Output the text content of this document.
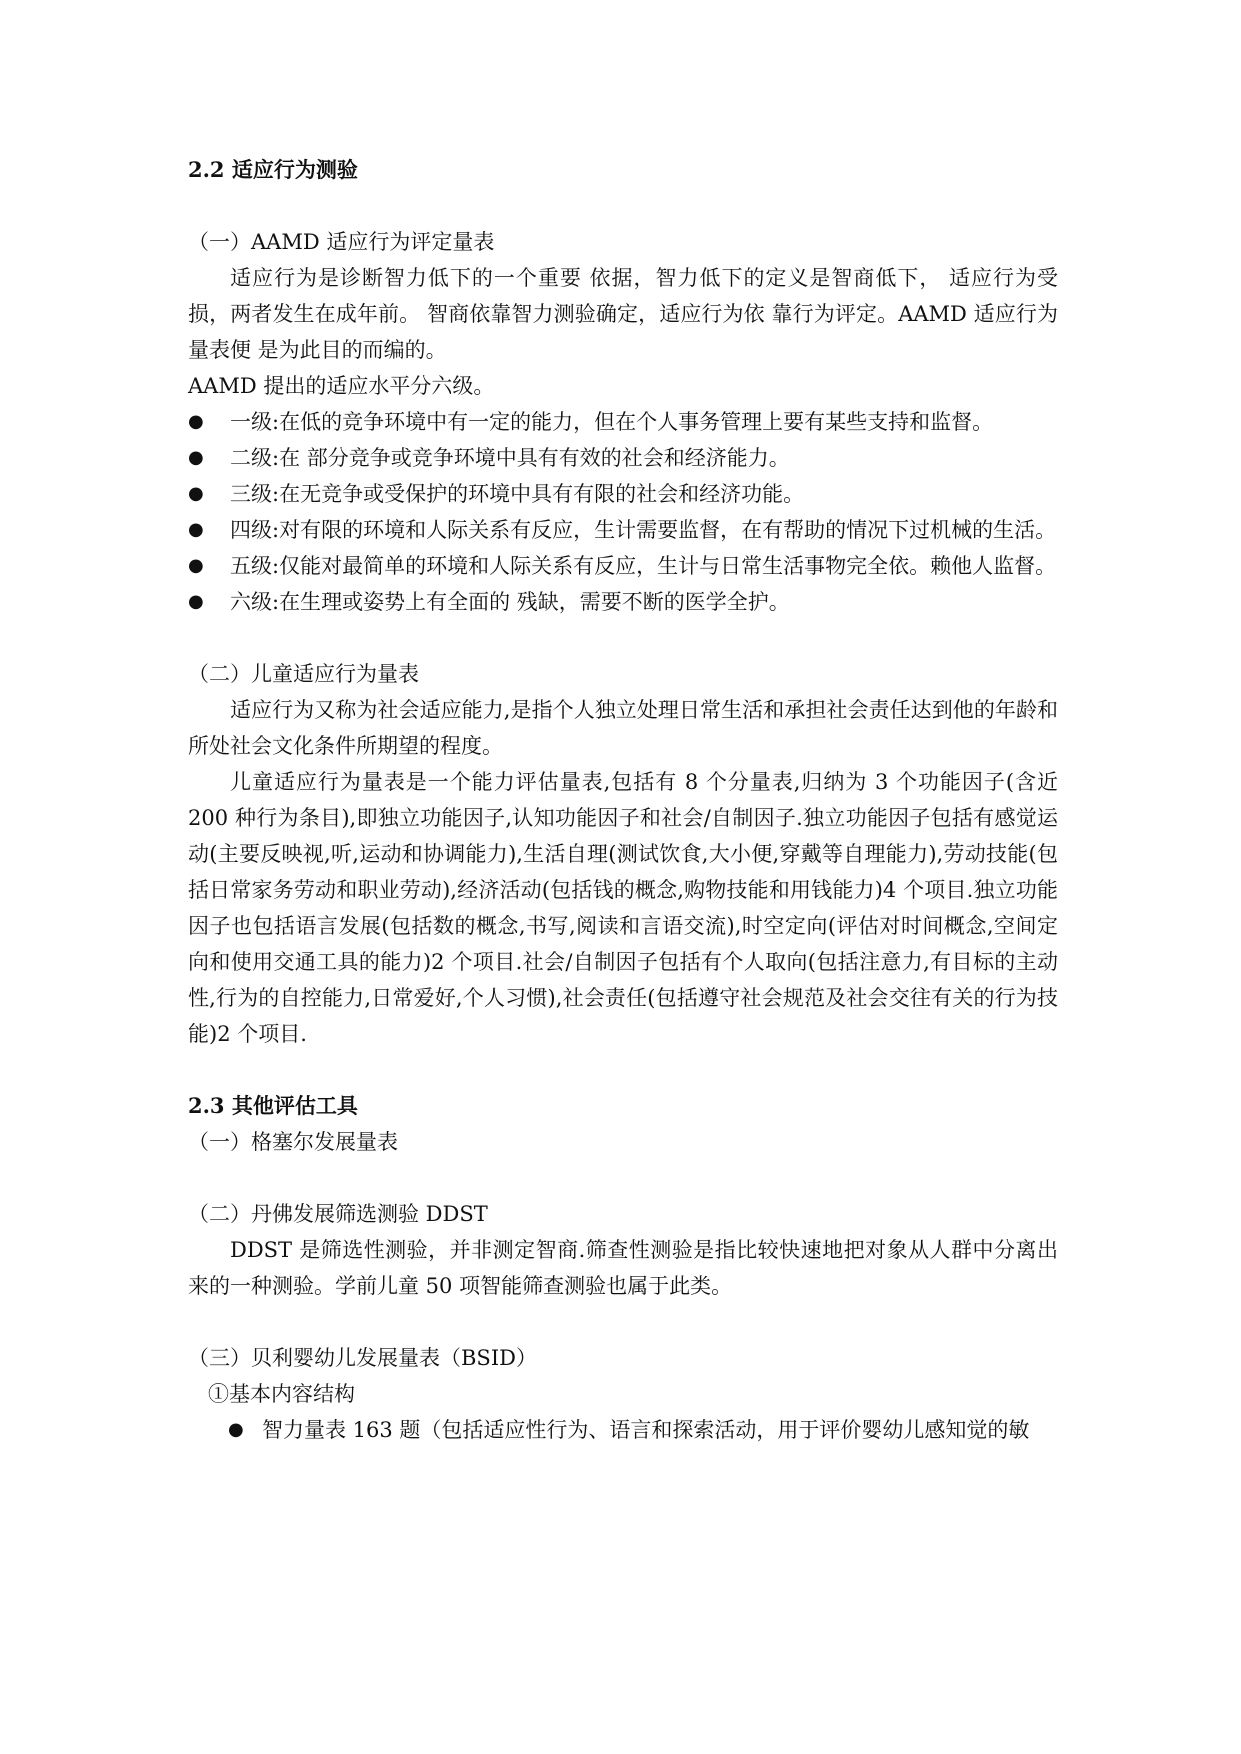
2.2 适应行为测验

（一）AAMD 适应行为评定量表

适应行为是诊断智力低下的一个重要 依据，智力低下的定义是智商低下， 适应行为受损，两者发生在成年前。 智商依靠智力测验确定，适应行为依 靠行为评定。AAMD 适应行为量表便 是为此目的而编的。

AAMD 提出的适应水平分六级。

● 一级:在低的竞争环境中有一定的能力，但在个人事务管理上要有某些支持和监督。
● 二级:在 部分竞争或竞争环境中具有有效的社会和经济能力。
● 三级:在无竞争或受保护的环境中具有有限的社会和经济功能。
● 四级:对有限的环境和人际关系有反应，生计需要监督，在有帮助的情况下过机械的生活。
● 五级:仅能对最简单的环境和人际关系有反应，生计与日常生活事物完全依。赖他人监督。
● 六级:在生理或姿势上有全面的 残缺，需要不断的医学全护。

（二）儿童适应行为量表

适应行为又称为社会适应能力,是指个人独立处理日常生活和承担社会责任达到他的年龄和所处社会文化条件所期望的程度。

儿童适应行为量表是一个能力评估量表,包括有 8 个分量表,归纳为 3 个功能因子(含近 200 种行为条目),即独立功能因子,认知功能因子和社会/自制因子.独立功能因子包括有感觉运动(主要反映视,听,运动和协调能力),生活自理(测试饮食,大小便,穿戴等自理能力),劳动技能(包括日常家务劳动和职业劳动),经济活动(包括钱的概念,购物技能和用钱能力)4 个项目.独立功能因子也包括语言发展(包括数的概念,书写,阅读和言语交流),时空定向(评估对时间概念,空间定向和使用交通工具的能力)2 个项目.社会/自制因子包括有个人取向(包括注意力,有目标的主动性,行为的自控能力,日常爱好,个人习惯),社会责任(包括遵守社会规范及社会交往有关的行为技能)2 个项目.

2.3 其他评估工具

（一）格塞尔发展量表

（二）丹佛发展筛选测验 DDST

DDST 是筛选性测验，并非测定智商.筛查性测验是指比较快速地把对象从人群中分离出来的一种测验。学前儿童 50 项智能筛查测验也属于此类。

（三）贝利婴幼儿发展量表（BSID）

①基本内容结构

● 智力量表 163 题（包括适应性行为、语言和探索活动，用于评价婴幼儿感知觉的敏
